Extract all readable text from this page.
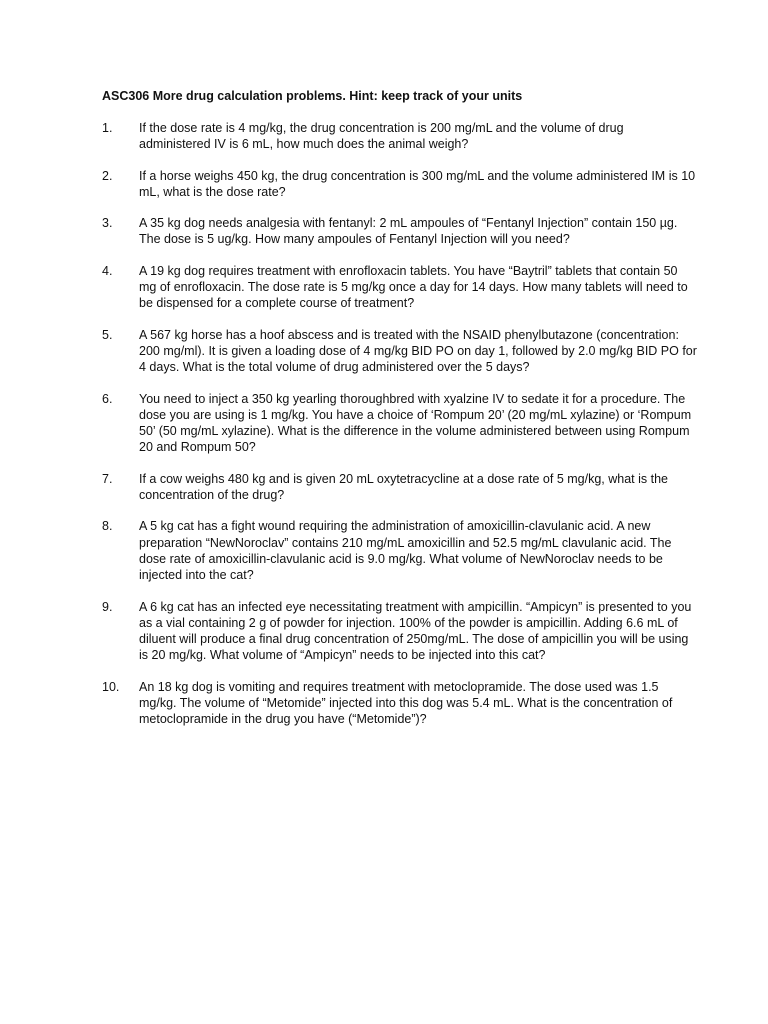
ASC306 More drug calculation problems. Hint: keep track of your units
1.	If the dose rate is 4 mg/kg, the drug concentration is 200 mg/mL and the volume of drug administered IV is 6 mL, how much does the animal weigh?
2.	If a horse weighs 450 kg, the drug concentration is 300 mg/mL and the volume administered IM is 10 mL, what is the dose rate?
3.	A 35 kg dog needs analgesia with fentanyl: 2 mL ampoules of “Fentanyl Injection” contain 150 µg. The dose is 5 ug/kg. How many ampoules of Fentanyl Injection will you need?
4.	A 19 kg dog requires treatment with enrofloxacin tablets. You have “Baytril” tablets that contain 50 mg of enrofloxacin. The dose rate is 5 mg/kg once a day for 14 days. How many tablets will need to be dispensed for a complete course of treatment?
5.	A 567 kg horse has a hoof abscess and is treated with the NSAID phenylbutazone (concentration: 200 mg/ml). It is given a loading dose of 4 mg/kg BID PO on day 1, followed by 2.0 mg/kg BID PO for 4 days. What is the total volume of drug administered over the 5 days?
6.	You need to inject a 350 kg yearling thoroughbred with xyalzine IV to sedate it for a procedure. The dose you are using is 1 mg/kg. You have a choice of ‘Rompum 20’ (20 mg/mL xylazine) or ‘Rompum 50’ (50 mg/mL xylazine). What is the difference in the volume administered between using Rompum 20 and Rompum 50?
7.	If a cow weighs 480 kg and is given 20 mL oxytetracycline at a dose rate of 5 mg/kg, what is the concentration of the drug?
8.	A 5 kg cat has a fight wound requiring the administration of amoxicillin-clavulanic acid. A new preparation “NewNoroclav” contains 210 mg/mL amoxicillin and 52.5 mg/mL clavulanic acid. The dose rate of amoxicillin-clavulanic acid is 9.0 mg/kg. What volume of NewNoroclav needs to be injected into the cat?
9.	A 6 kg cat has an infected eye necessitating treatment with ampicillin. “Ampicyn” is presented to you as a vial containing 2 g of powder for injection. 100% of the powder is ampicillin. Adding 6.6 mL of diluent will produce a final drug concentration of 250mg/mL. The dose of ampicillin you will be using is 20 mg/kg. What volume of “Ampicyn” needs to be injected into this cat?
10.	An 18 kg dog is vomiting and requires treatment with metoclopramide. The dose used was 1.5 mg/kg. The volume of “Metomide” injected into this dog was 5.4 mL. What is the concentration of metoclopramide in the drug you have (“Metomide”)?
